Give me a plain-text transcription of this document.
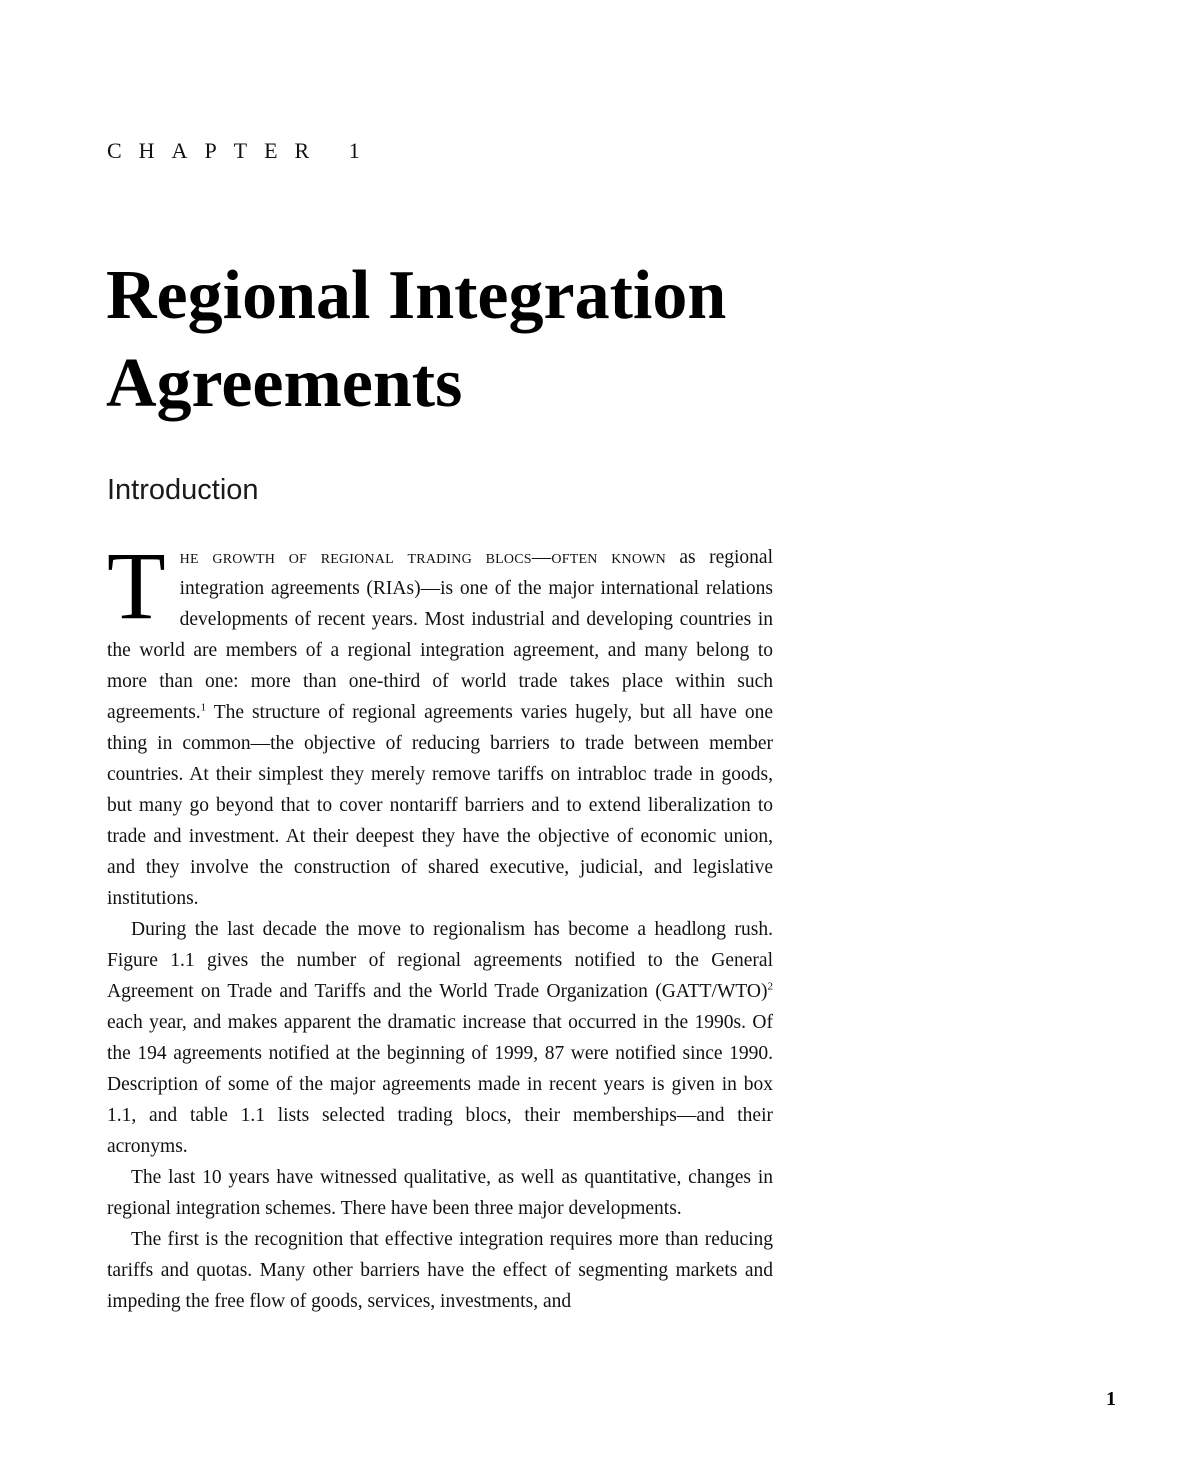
CHAPTER 1
Regional Integration Agreements
Introduction

The growth of regional trading blocs—often known as regional integration agreements (RIAs)—is one of the major international relations developments of recent years. Most industrial and developing countries in the world are members of a regional integration agreement, and many belong to more than one: more than one-third of world trade takes place within such agreements.$^1$ The structure of regional agreements varies hugely, but all have one thing in common—the objective of reducing barriers to trade between member countries. At their simplest they merely remove tariffs on intrabloc trade in goods, but many go beyond that to cover nontariff barriers and to extend liberalization to trade and investment. At their deepest they have the objective of economic union, and they involve the construction of shared executive, judicial, and legislative institutions.

During the last decade the move to regionalism has become a headlong rush. Figure 1.1 gives the number of regional agreements notified to the General Agreement on Trade and Tariffs and the World Trade Organization (GATT/WTO)$^2$ each year, and makes apparent the dramatic increase that occurred in the 1990s. Of the 194 agreements notified at the beginning of 1999, 87 were notified since 1990. Description of some of the major agreements made in recent years is given in box 1.1, and table 1.1 lists selected trading blocs, their memberships—and their acronyms.

The last 10 years have witnessed qualitative, as well as quantitative, changes in regional integration schemes. There have been three major developments.

The first is the recognition that effective integration requires more than reducing tariffs and quotas. Many other barriers have the effect of segmenting markets and impeding the free flow of goods, services, investments, and

1
